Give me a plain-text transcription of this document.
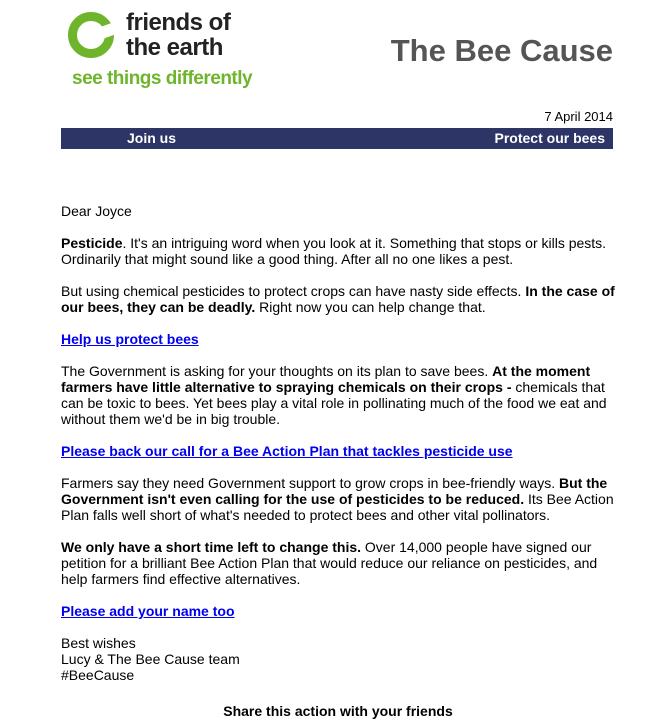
friends of
the earth
see things differently
The Bee Cause
7 April 2014
Join us	Protect our bees

Dear Joyce

Pesticide. It's an intriguing word when you look at it. Something that stops or kills pests. Ordinarily that might sound like a good thing. After all no one likes a pest.

But using chemical pesticides to protect crops can have nasty side effects. In the case of our bees, they can be deadly. Right now you can help change that.

Help us protect bees

The Government is asking for your thoughts on its plan to save bees. At the moment farmers have little alternative to spraying chemicals on their crops - chemicals that can be toxic to bees. Yet bees play a vital role in pollinating much of the food we eat and without them we'd be in big trouble.

Please back our call for a Bee Action Plan that tackles pesticide use

Farmers say they need Government support to grow crops in bee-friendly ways. But the Government isn't even calling for the use of pesticides to be reduced. Its Bee Action Plan falls well short of what's needed to protect bees and other vital pollinators.

We only have a short time left to change this. Over 14,000 people have signed our petition for a brilliant Bee Action Plan that would reduce our reliance on pesticides, and help farmers find effective alternatives.

Please add your name too

Best wishes
Lucy & The Bee Cause team
#BeeCause
Share this action with your friends
